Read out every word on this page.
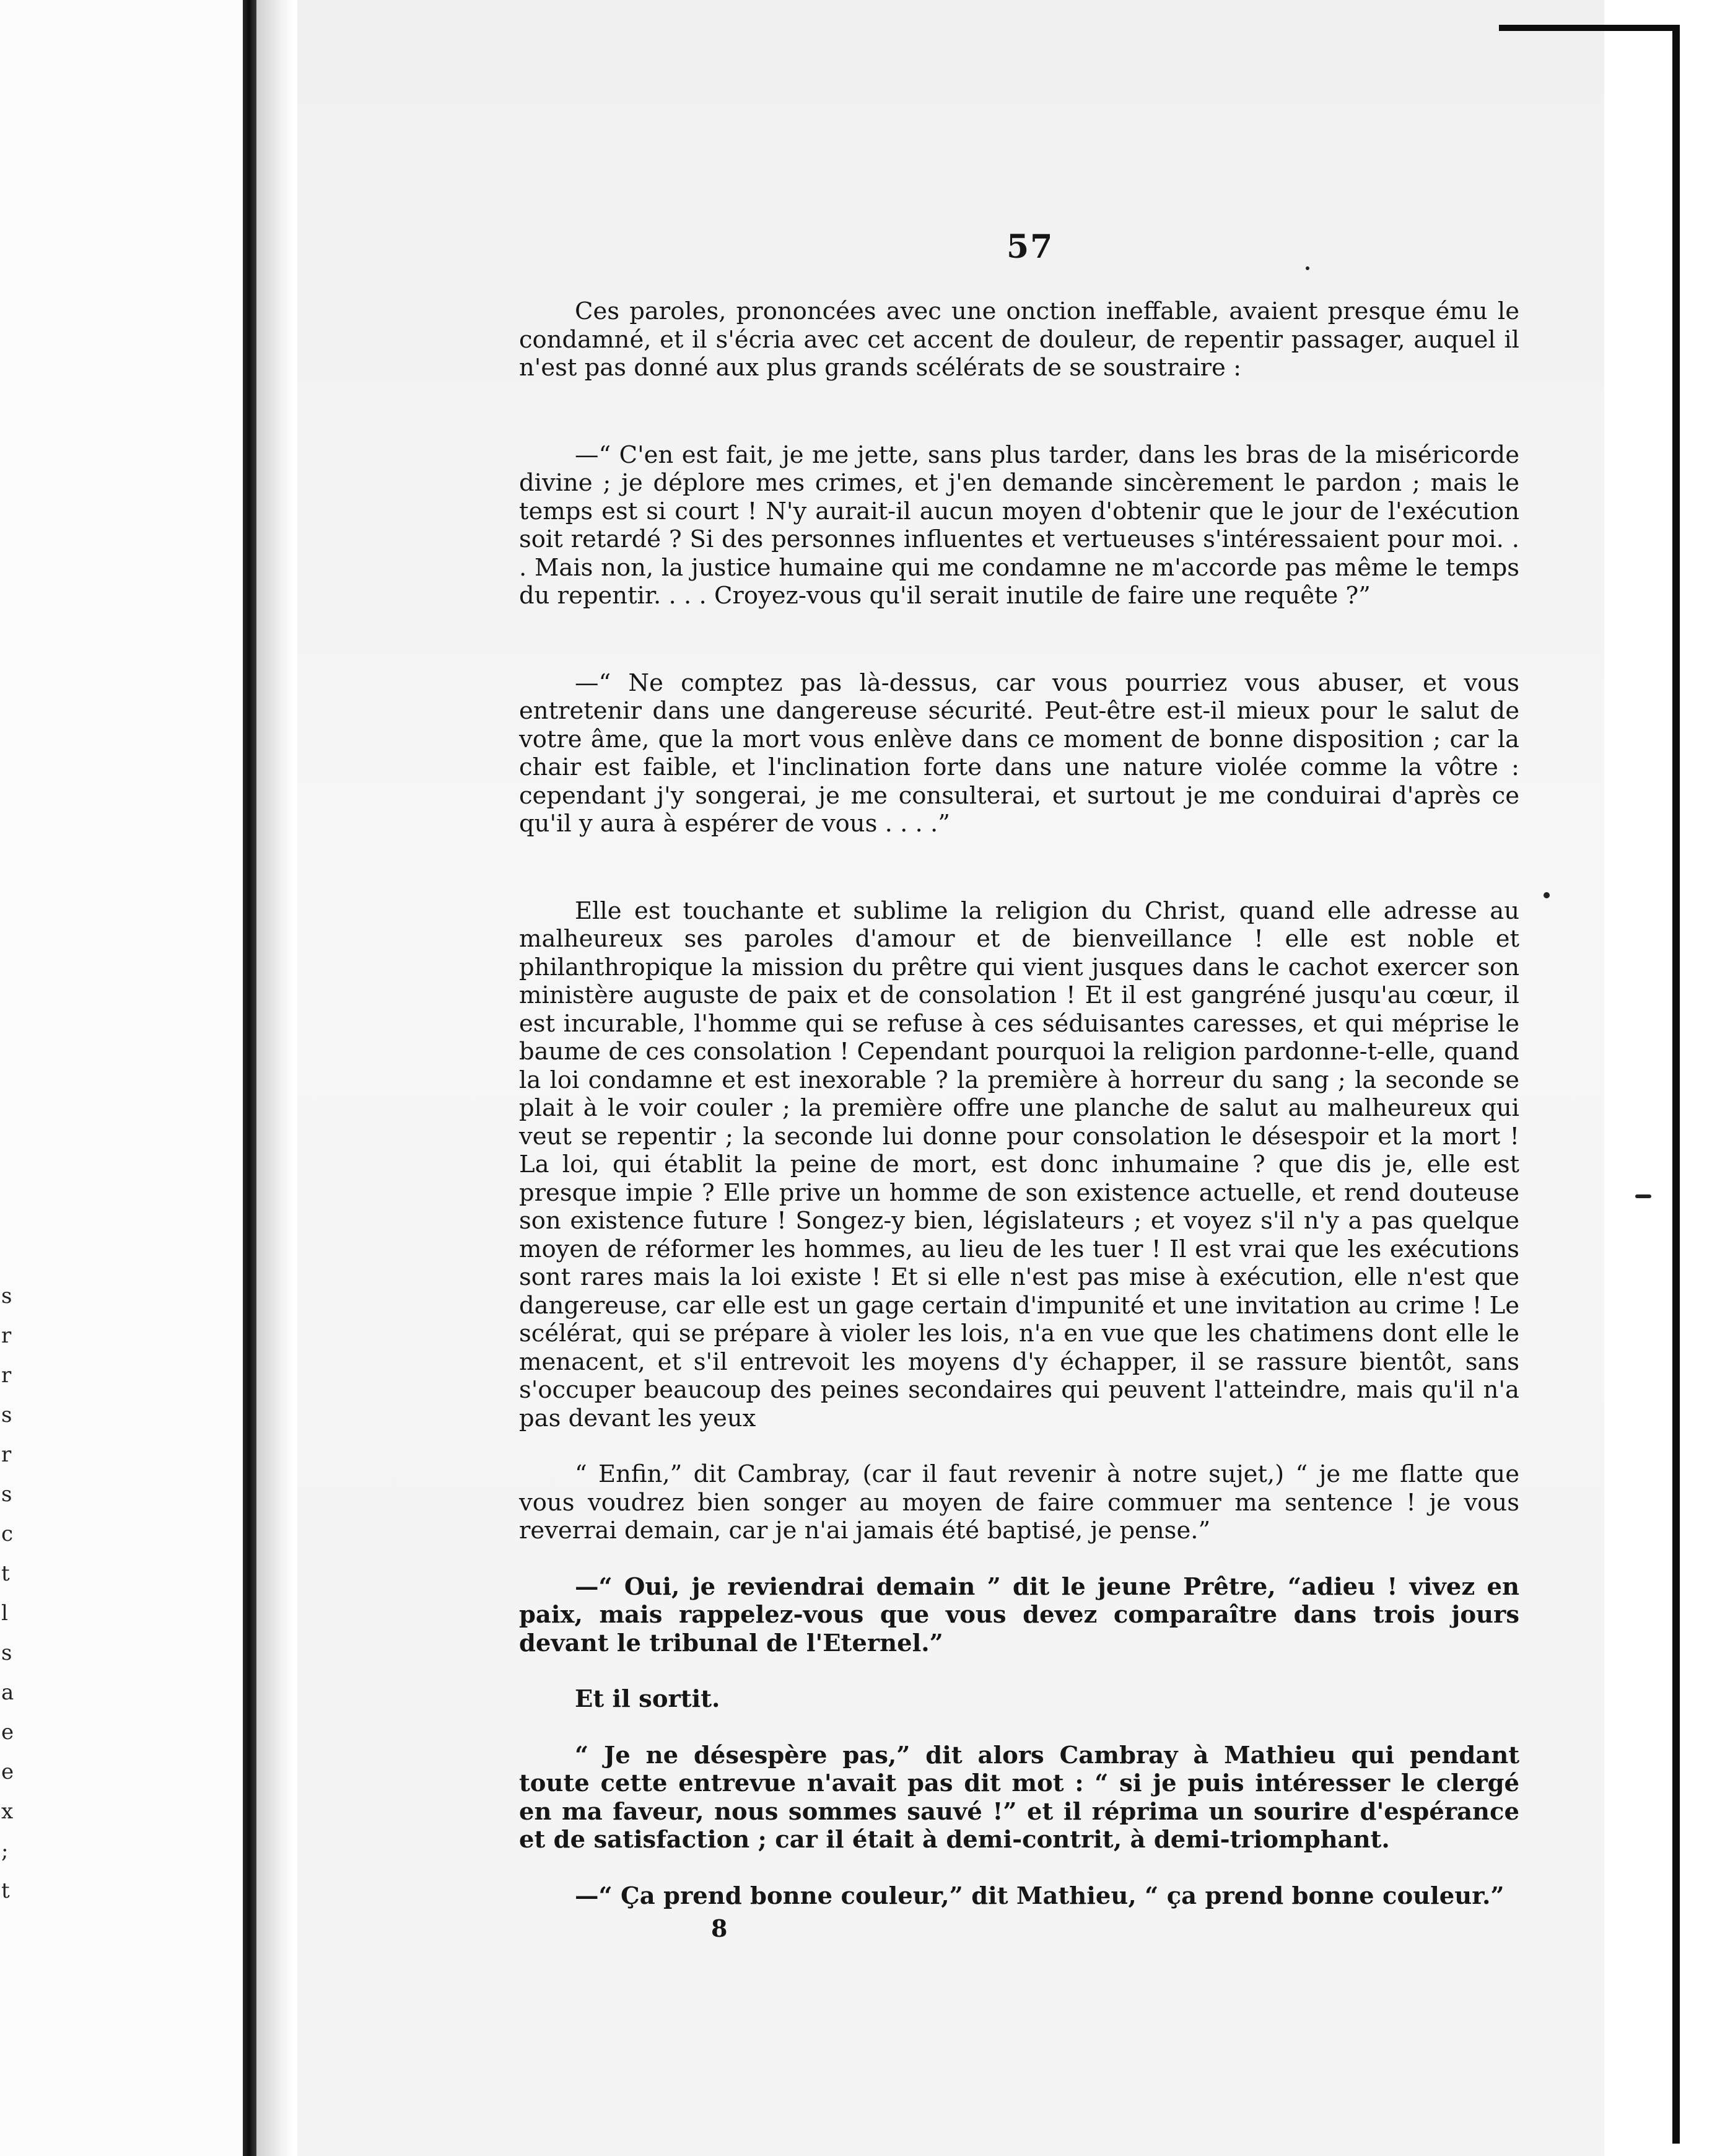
s
r
r
s
r
s
c
t
l
s
a
e
e
x
;
t
57

Ces paroles, prononcées avec une onction ineffable, avaient presque ému le condamné, et il s'écria avec cet accent de douleur, de repentir passager, auquel il n'est pas donné aux plus grands scélérats de se soustraire :

—“ C'en est fait, je me jette, sans plus tarder, dans les bras de la miséricorde divine ; je déplore mes crimes, et j'en demande sincèrement le pardon ; mais le temps est si court ! N'y aurait-il aucun moyen d'obtenir que le jour de l'exécution soit retardé ? Si des personnes influentes et vertueuses s'intéressaient pour moi. . . Mais non, la justice humaine qui me condamne ne m'accorde pas même le temps du repentir. . . . Croyez-vous qu'il serait inutile de faire une requête ?”

—“ Ne comptez pas là-dessus, car vous pourriez vous abuser, et vous entretenir dans une dangereuse sécurité. Peut-être est-il mieux pour le salut de votre âme, que la mort vous enlève dans ce moment de bonne disposition ; car la chair est faible, et l'inclination forte dans une nature violée comme la vôtre : cependant j'y songerai, je me consulterai, et surtout je me conduirai d'après ce qu'il y aura à espérer de vous . . . .”

Elle est touchante et sublime la religion du Christ, quand elle adresse au malheureux ses paroles d'amour et de bienveillance ! elle est noble et philanthropique la mission du prêtre qui vient jusques dans le cachot exercer son ministère auguste de paix et de consolation ! Et il est gangréné jusqu'au cœur, il est incurable, l'homme qui se refuse à ces séduisantes caresses, et qui méprise le baume de ces consolation ! Cependant pourquoi la religion pardonne-t-elle, quand la loi condamne et est inexorable ? la première à horreur du sang ; la seconde se plait à le voir couler ; la première offre une planche de salut au malheureux qui veut se repentir ; la seconde lui donne pour consolation le désespoir et la mort ! La loi, qui établit la peine de mort, est donc inhumaine ? que dis je, elle est presque impie ? Elle prive un homme de son existence actuelle, et rend douteuse son existence future ! Songez-y bien, législateurs ; et voyez s'il n'y a pas quelque moyen de réformer les hommes, au lieu de les tuer ! Il est vrai que les exécutions sont rares mais la loi existe ! Et si elle n'est pas mise à exécution, elle n'est que dangereuse, car elle est un gage certain d'impunité et une invitation au crime ! Le scélérat, qui se prépare à violer les lois, n'a en vue que les chatimens dont elle le menacent, et s'il entrevoit les moyens d'y échapper, il se rassure bientôt, sans s'occuper beaucoup des peines secondaires qui peuvent l'atteindre, mais qu'il n'a pas devant les yeux

“ Enfin,” dit Cambray, (car il faut revenir à notre sujet,) “ je me flatte que vous voudrez bien songer au moyen de faire commuer ma sentence ! je vous reverrai demain, car je n'ai jamais été baptisé, je pense.”

—“ Oui, je reviendrai demain ” dit le jeune Prêtre, “adieu ! vivez en paix, mais rappelez-vous que vous devez comparaître dans trois jours devant le tribunal de l'Eternel.”

Et il sortit.

“ Je ne désespère pas,” dit alors Cambray à Mathieu qui pendant toute cette entrevue n'avait pas dit mot : “ si je puis intéresser le clergé en ma faveur, nous sommes sauvé !” et il réprima un sourire d'espérance et de satisfaction ; car il était à demi-contrit, à demi-triomphant.

—“ Ça prend bonne couleur,” dit Mathieu, “ ça prend bonne couleur.”

8
